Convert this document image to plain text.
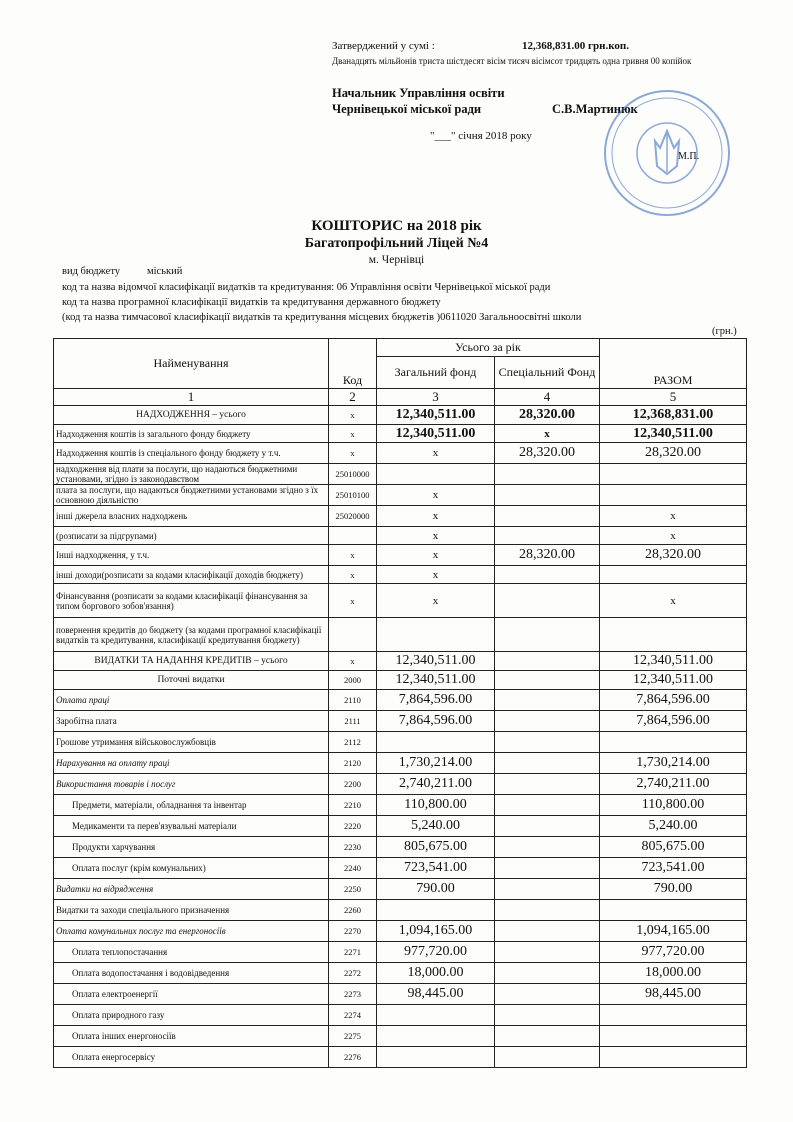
Затверджений у сумі :	12,368,831.00 грн.коп.
Дванадцять мільйонів триста шістдесят вісім тисяч вісімсот тридцять одна гривня 00 копійок
Начальник Управління освіти
Чернівецької міської ради	С.В.Мартинюк
"___" січня 2018 року
М.П.
КОШТОРИС на 2018 рік
Багатопрофільний Ліцей №4
м. Чернівці
вид бюджету	міський
код та назва відомчої класифікації видатків та кредитування: 06 Управління освіти Чернівецької міської ради
код та назва програмної класифікації видатків та кредитування державного бюджету
(код та назва тимчасової класифікації видатків та кредитування місцевих бюджетів )0611020 Загальноосвітні школи
(грн.)
Найменування	Код	Усього за рік		РАЗОМ
		Загальний фонд	Спеціальний Фонд	
1	2	3	4	5
НАДХОДЖЕННЯ – усього	x	12,340,511.00	28,320.00	12,368,831.00
Надходження коштів із загального фонду бюджету	x	12,340,511.00	x	12,340,511.00
Надходження коштів із спеціального фонду бюджету у т.ч.	x	x	28,320.00	28,320.00
надходження від плати за послуги, що надаються бюджетними установами, згідно із законодавством	25010000			
плата за послуги, що надаються бюджетними установами згідно з їх основною діяльністю	25010100	x		
інші джерела власних надходжень	25020000	x		x
(розписати за підгрупами)		x		x
Інші надходження, у т.ч.	x	x	28,320.00	28,320.00
інші доходи(розписати за кодами класифікації доходів бюджету)	x	x		
Фінансування (розписати за кодами класифікації фінансування за типом боргового зобов'язання)	x	x		x
повернення кредитів до бюджету (за кодами програмної класифікації видатків та кредитування, класифікації кредитування бюджету)				
ВИДАТКИ ТА НАДАННЯ КРЕДИТІВ – усього	x	12,340,511.00		12,340,511.00
Поточні видатки	2000	12,340,511.00		12,340,511.00
Оплата праці	2110	7,864,596.00		7,864,596.00
Заробітна плата	2111	7,864,596.00		7,864,596.00
Грошове утримання військовослужбовців	2112			
Нарахування на оплату праці	2120	1,730,214.00		1,730,214.00
Використання товарів і послуг	2200	2,740,211.00		2,740,211.00
Предмети, матеріали, обладнання та інвентар	2210	110,800.00		110,800.00
Медикаменти та перев'язувальні матеріали	2220	5,240.00		5,240.00
Продукти харчування	2230	805,675.00		805,675.00
Оплата послуг (крім комунальних)	2240	723,541.00		723,541.00
Видатки на відрядження	2250	790.00		790.00
Видатки та заходи спеціального призначення	2260			
Оплата комунальних послуг та енергоносіїв	2270	1,094,165.00		1,094,165.00
Оплата теплопостачання	2271	977,720.00		977,720.00
Оплата водопостачання і водовідведення	2272	18,000.00		18,000.00
Оплата електроенергії	2273	98,445.00		98,445.00
Оплата природного газу	2274			
Оплата інших енергоносіїв	2275			
Оплата енергосервісу	2276			
